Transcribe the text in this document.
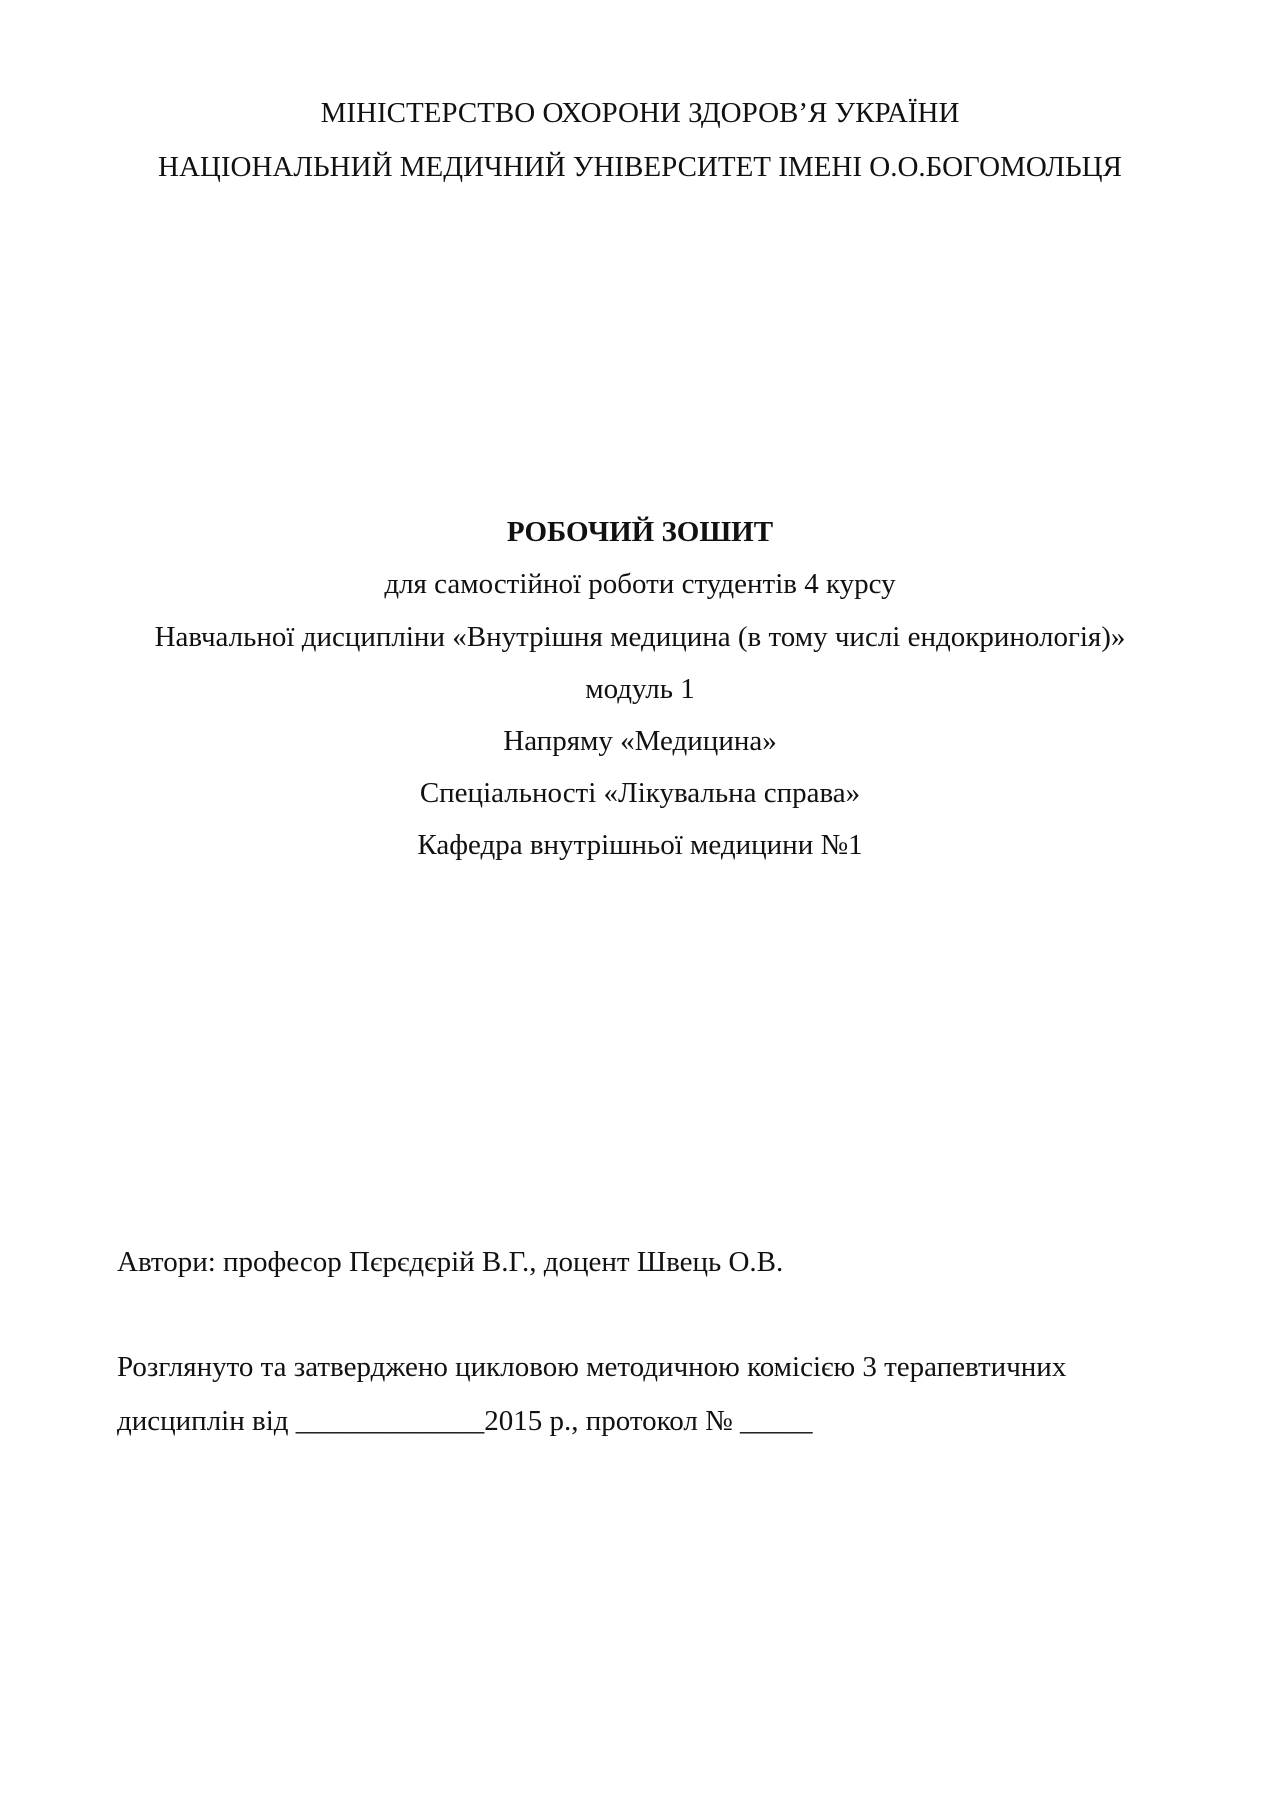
МІНІСТЕРСТВО ОХОРОНИ ЗДОРОВ’Я УКРАЇНИ
НАЦІОНАЛЬНИЙ МЕДИЧНИЙ УНІВЕРСИТЕТ ІМЕНІ О.О.БОГОМОЛЬЦЯ
РОБОЧИЙ ЗОШИТ
для самостійної роботи студентів 4 курсу
Навчальної дисципліни «Внутрішня медицина (в тому числі ендокринологія)»
модуль 1
Напряму «Медицина»
Спеціальності «Лікувальна справа»
Кафедра внутрішньої медицини №1
Автори: професор Пєрєдєрій В.Г., доцент Швець О.В.
Розглянуто та затверджено цикловою методичною комісією 3 терапевтичних
дисциплін від _____________2015 р., протокол № _____
